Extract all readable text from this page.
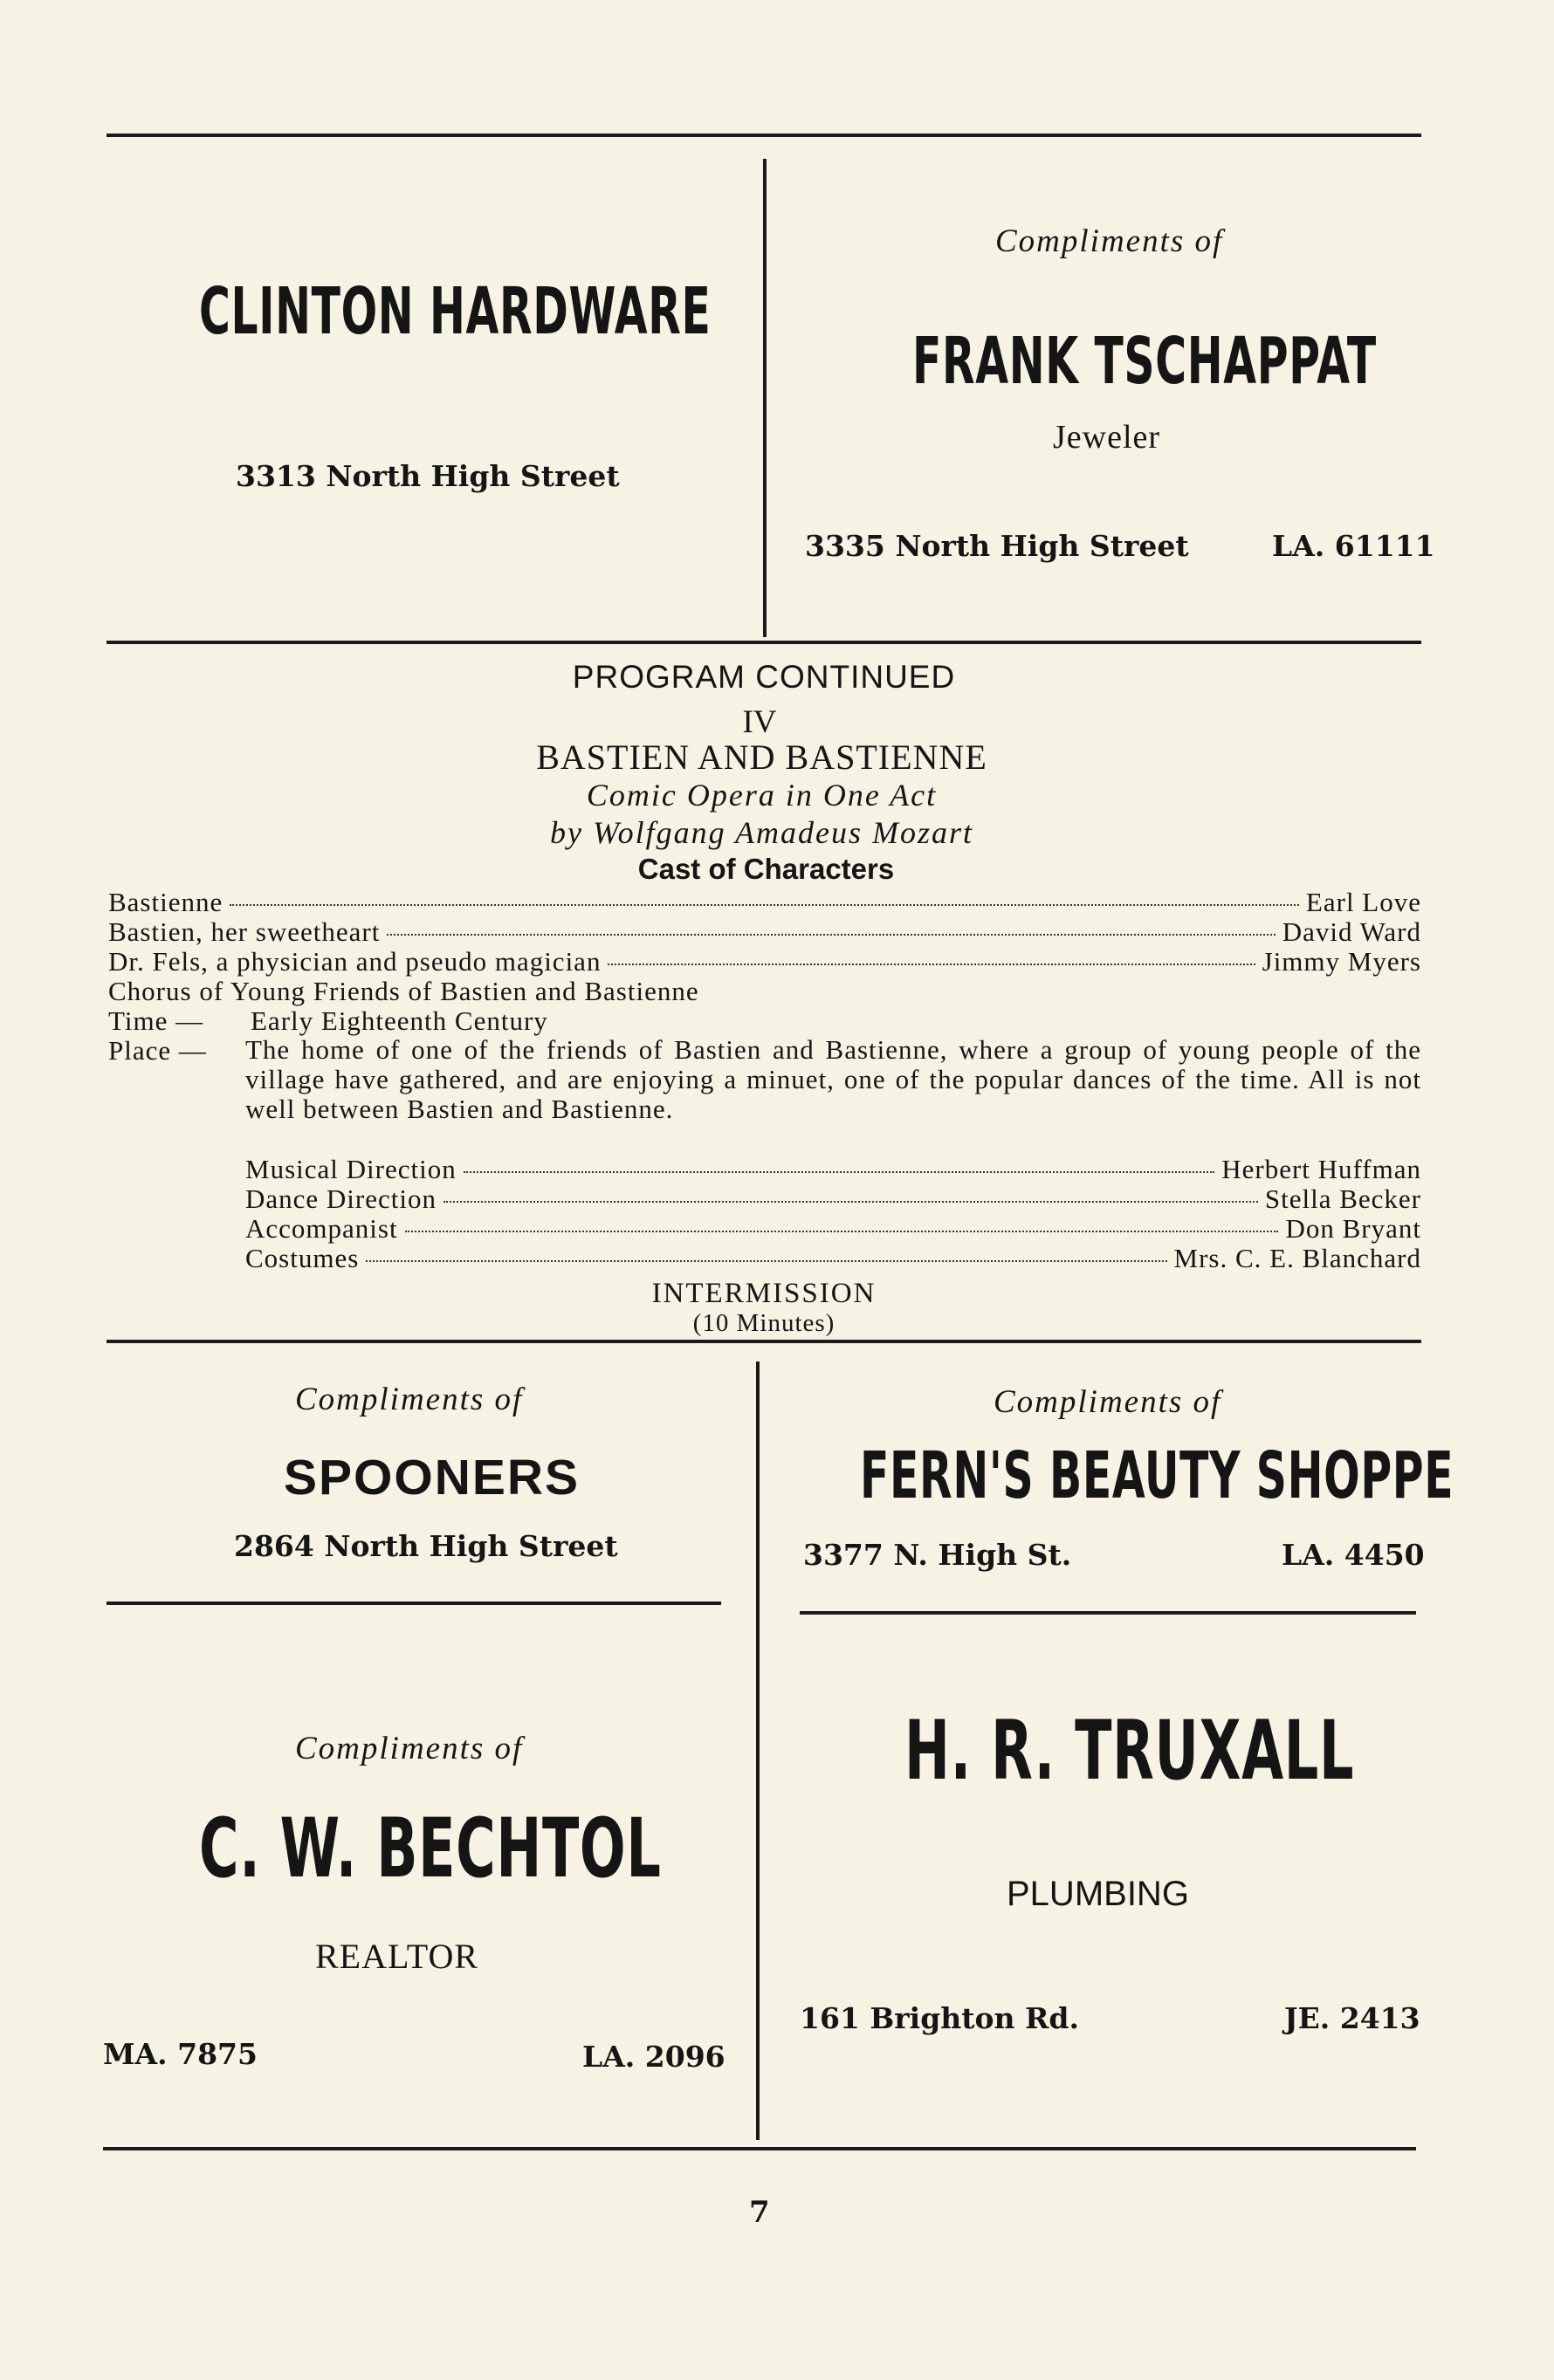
CLINTON HARDWARE
3313 North High Street
Compliments of
FRANK TSCHAPPAT
Jeweler
3335 North High Street	LA. 61111
PROGRAM CONTINUED
IV
BASTIEN AND BASTIENNE
Comic Opera in One Act
by Wolfgang Amadeus Mozart
Cast of Characters
Bastienne	Earl Love
Bastien, her sweetheart	David Ward
Dr. Fels, a physician and pseudo magician	Jimmy Myers
Chorus of Young Friends of Bastien and Bastienne
Time — Early Eighteenth Century
Place — The home of one of the friends of Bastien and Bastienne, where a group of young people of the village have gathered, and are enjoying a minuet, one of the popular dances of the time. All is not well between Bastien and Bastienne.
Musical Direction	Herbert Huffman
Dance Direction	Stella Becker
Accompanist	Don Bryant
Costumes	Mrs. C. E. Blanchard
INTERMISSION
(10 Minutes)
Compliments of
SPOONERS
2864 North High Street
Compliments of
FERN'S BEAUTY SHOPPE
3377 N. High St.	LA. 4450
Compliments of
C. W. BECHTOL
REALTOR
MA. 7875	LA. 2096
H. R. TRUXALL
PLUMBING
161 Brighton Rd.	JE. 2413
7
